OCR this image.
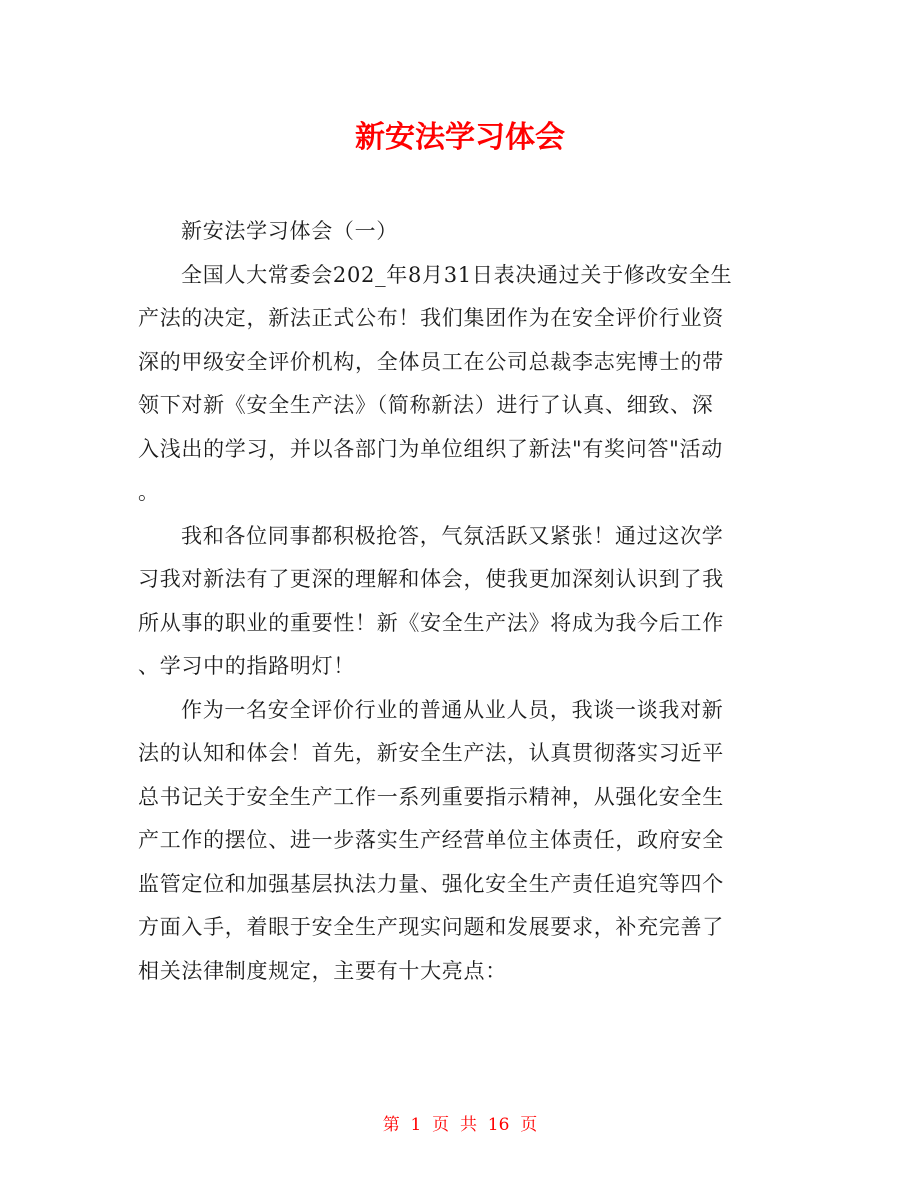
新安法学习体会
新安法学习体会（一）
全国人大常委会202_年8月31日表决通过关于修改安全生
产法的决定，新法正式公布！我们集团作为在安全评价行业资
深的甲级安全评价机构，全体员工在公司总裁李志宪博士的带
领下对新《安全生产法》（简称新法）进行了认真、细致、深
入浅出的学习，并以各部门为单位组织了新法"有奖问答"活动
。
我和各位同事都积极抢答，气氛活跃又紧张！通过这次学
习我对新法有了更深的理解和体会，使我更加深刻认识到了我
所从事的职业的重要性！新《安全生产法》将成为我今后工作
、学习中的指路明灯！
作为一名安全评价行业的普通从业人员，我谈一谈我对新
法的认知和体会！首先，新安全生产法，认真贯彻落实习近平
总书记关于安全生产工作一系列重要指示精神，从强化安全生
产工作的摆位、进一步落实生产经营单位主体责任，政府安全
监管定位和加强基层执法力量、强化安全生产责任追究等四个
方面入手，着眼于安全生产现实问题和发展要求，补充完善了
相关法律制度规定，主要有十大亮点：
第  1  页  共  16  页
